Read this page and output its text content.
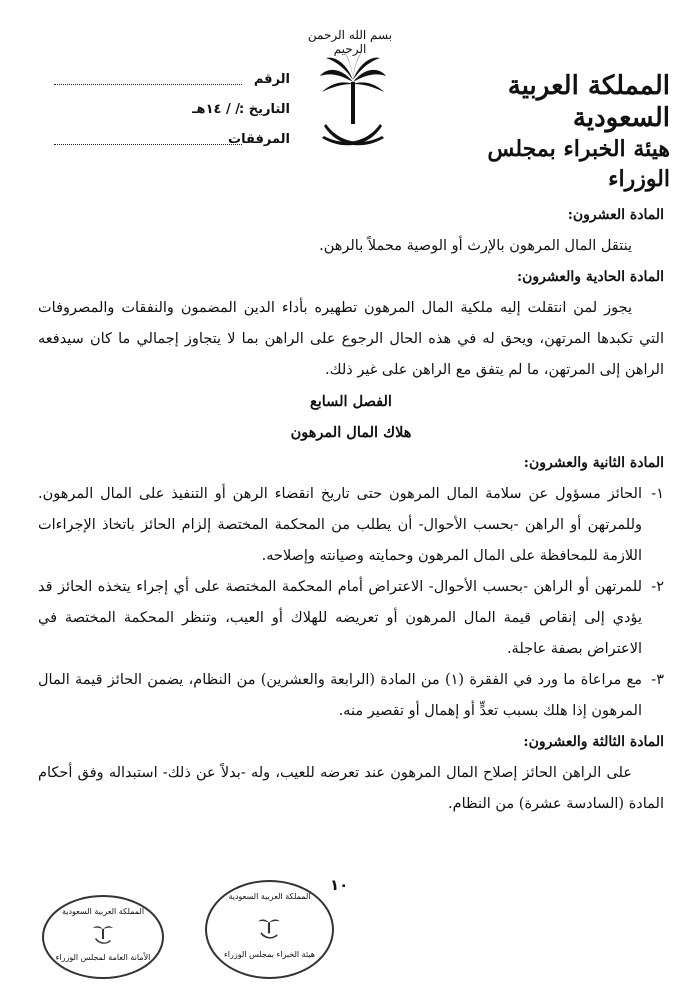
بسم الله الرحمن الرحيم
المملكة العربية السعودية
هيئة الخبراء بمجلس الوزراء
الرقم
التاريخ :
/ / ١٤هـ
المرفقات
المادة العشرون:

ينتقل المال المرهون بالإرث أو الوصية محملاً بالرهن.

المادة الحادية والعشرون:

يجوز لمن انتقلت إليه ملكية المال المرهون تطهيره بأداء الدين المضمون والنفقات والمصروفات التي تكبدها المرتهن، ويحق له في هذه الحال الرجوع على الراهن بما لا يتجاوز إجمالي ما كان سيدفعه الراهن إلى المرتهن، ما لم يتفق مع الراهن على غير ذلك.

الفصل السابع
هلاك المال المرهون
المادة الثانية والعشرون:
١-
الحائز مسؤول عن سلامة المال المرهون حتى تاريخ انقضاء الرهن أو التنفيذ على المال المرهون. وللمرتهن أو الراهن -بحسب الأحوال- أن يطلب من المحكمة المختصة إلزام الحائز باتخاذ الإجراءات اللازمة للمحافظة على المال المرهون وحمايته وصيانته وإصلاحه.
٢-
للمرتهن أو الراهن -بحسب الأحوال- الاعتراض أمام المحكمة المختصة على أي إجراء يتخذه الحائز قد يؤدي إلى إنقاص قيمة المال المرهون أو تعريضه للهلاك أو العيب، وتنظر المحكمة المختصة في الاعتراض بصفة عاجلة.
٣-
مع مراعاة ما ورد في الفقرة (١) من المادة (الرابعة والعشرين) من النظام، يضمن الحائز قيمة المال المرهون إذا هلك بسبب تعدٍّ أو إهمال أو تقصير منه.
المادة الثالثة والعشرون:

على الراهن الحائز إصلاح المال المرهون عند تعرضه للعيب، وله -بدلاً عن ذلك- استبداله وفق أحكام المادة (السادسة عشرة) من النظام.

١٠
المملكة العربية السعودية
الأمانة العامة لمجلس الوزراء
المملكة العربية السعودية
هيئة الخبراء بمجلس الوزراء
